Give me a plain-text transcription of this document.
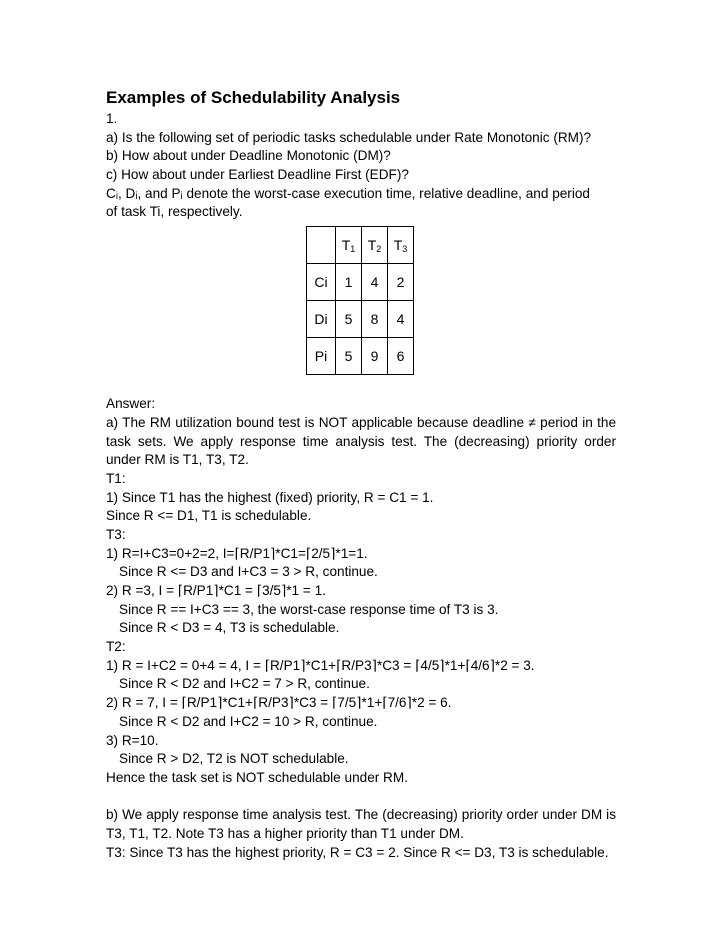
Examples of Schedulability Analysis
1.
a) Is the following set of periodic tasks schedulable under Rate Monotonic (RM)?
b) How about under Deadline Monotonic (DM)?
c) How about under Earliest Deadline First (EDF)?
Cᵢ, Dᵢ, and Pᵢ denote the worst-case execution time, relative deadline, and period
of task Ti, respectively.
	$T_1$	$T_2$	$T_3$
Ci	1	4	2
Di	5	8	4
Pi	5	9	6
Answer:
a) The RM utilization bound test is NOT applicable because deadline ≠ period in the task sets. We apply response time analysis test. The (decreasing) priority order under RM is T1, T3, T2.
T1:
1) Since T1 has the highest (fixed) priority, R = C1 = 1.
Since R <= D1, T1 is schedulable.
T3:
1) R=I+C3=0+2=2, I=⌈R/P1⌉*C1=⌈2/5⌉*1=1.
Since R <= D3 and I+C3 = 3 > R, continue.
2) R =3, I = ⌈R/P1⌉*C1 = ⌈3/5⌉*1 = 1.
Since R == I+C3 == 3, the worst-case response time of T3 is 3.
Since R < D3 = 4, T3 is schedulable.
T2:
1) R = I+C2 = 0+4 = 4, I = ⌈R/P1⌉*C1+⌈R/P3⌉*C3 = ⌈4/5⌉*1+⌈4/6⌉*2 = 3.
Since R < D2 and I+C2 = 7 > R, continue.
2) R = 7, I = ⌈R/P1⌉*C1+⌈R/P3⌉*C3 = ⌈7/5⌉*1+⌈7/6⌉*2 = 6.
Since R < D2 and I+C2 = 10 > R, continue.
3) R=10.
Since R > D2, T2 is NOT schedulable.
Hence the task set is NOT schedulable under RM.
b) We apply response time analysis test. The (decreasing) priority order under DM is T3, T1, T2. Note T3 has a higher priority than T1 under DM.
T3: Since T3 has the highest priority, R = C3 = 2. Since R <= D3, T3 is schedulable.
